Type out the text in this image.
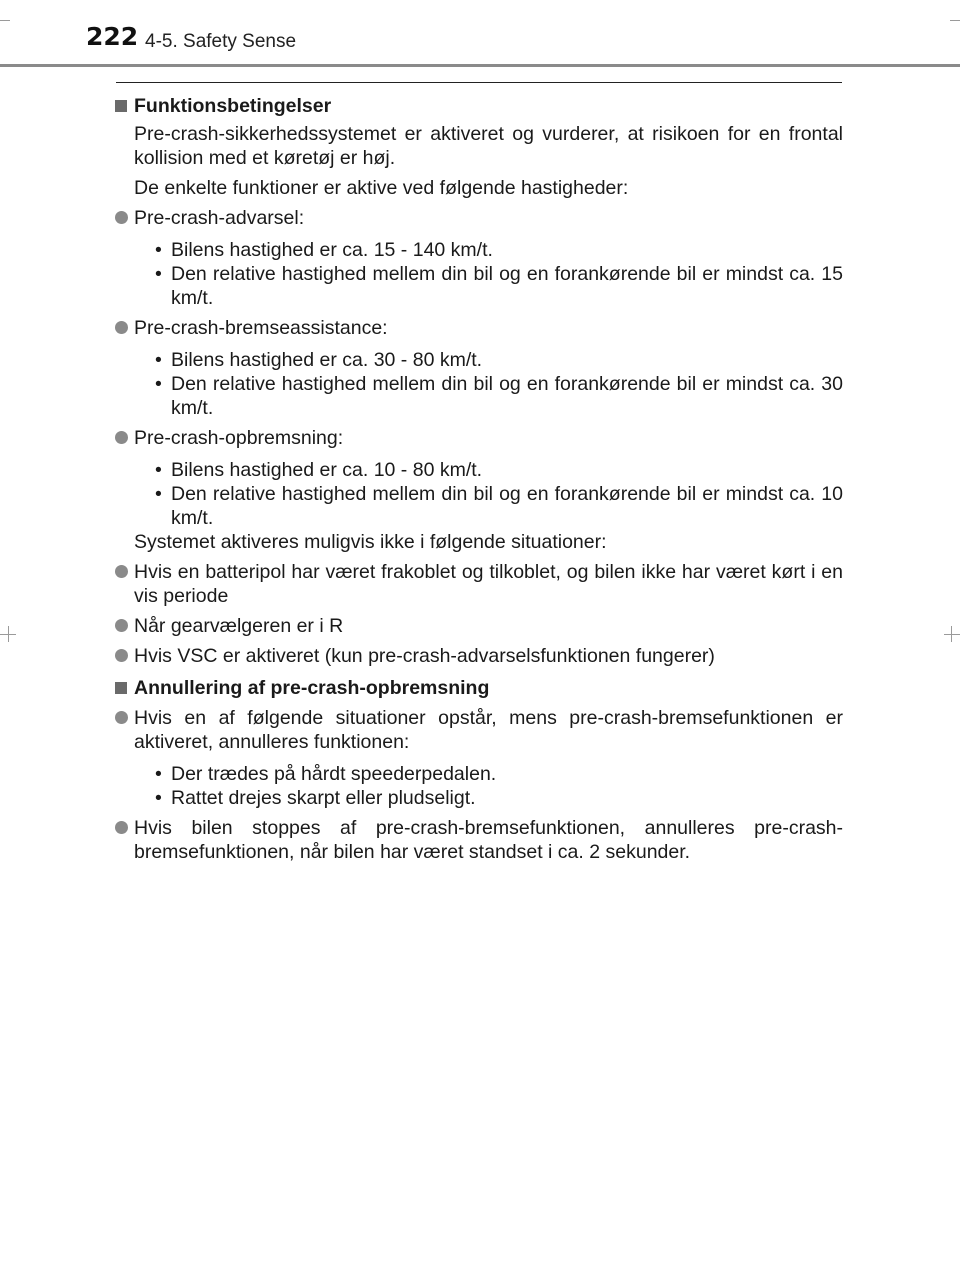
222 4-5. Safety Sense
Funktionsbetingelser
Pre-crash-sikkerhedssystemet er aktiveret og vurderer, at risikoen for en frontal kollision med et køretøj er høj.
De enkelte funktioner er aktive ved følgende hastigheder:
Pre-crash-advarsel:
• Bilens hastighed er ca. 15 - 140 km/t.
• Den relative hastighed mellem din bil og en forankørende bil er mindst ca. 15 km/t.
Pre-crash-bremseassistance:
• Bilens hastighed er ca. 30 - 80 km/t.
• Den relative hastighed mellem din bil og en forankørende bil er mindst ca. 30 km/t.
Pre-crash-opbremsning:
• Bilens hastighed er ca. 10 - 80 km/t.
• Den relative hastighed mellem din bil og en forankørende bil er mindst ca. 10 km/t.
Systemet aktiveres muligvis ikke i følgende situationer:
Hvis en batteripol har været frakoblet og tilkoblet, og bilen ikke har været kørt i en vis periode
Når gearvælgeren er i R
Hvis VSC er aktiveret (kun pre-crash-advarselsfunktionen fungerer)
Annullering af pre-crash-opbremsning
Hvis en af følgende situationer opstår, mens pre-crash-bremsefunktionen er aktiveret, annulleres funktionen:
• Der trædes på hårdt speederpedalen.
• Rattet drejes skarpt eller pludseligt.
Hvis bilen stoppes af pre-crash-bremsefunktionen, annulleres pre-crash-bremsefunktionen, når bilen har været standset i ca. 2 sekunder.
